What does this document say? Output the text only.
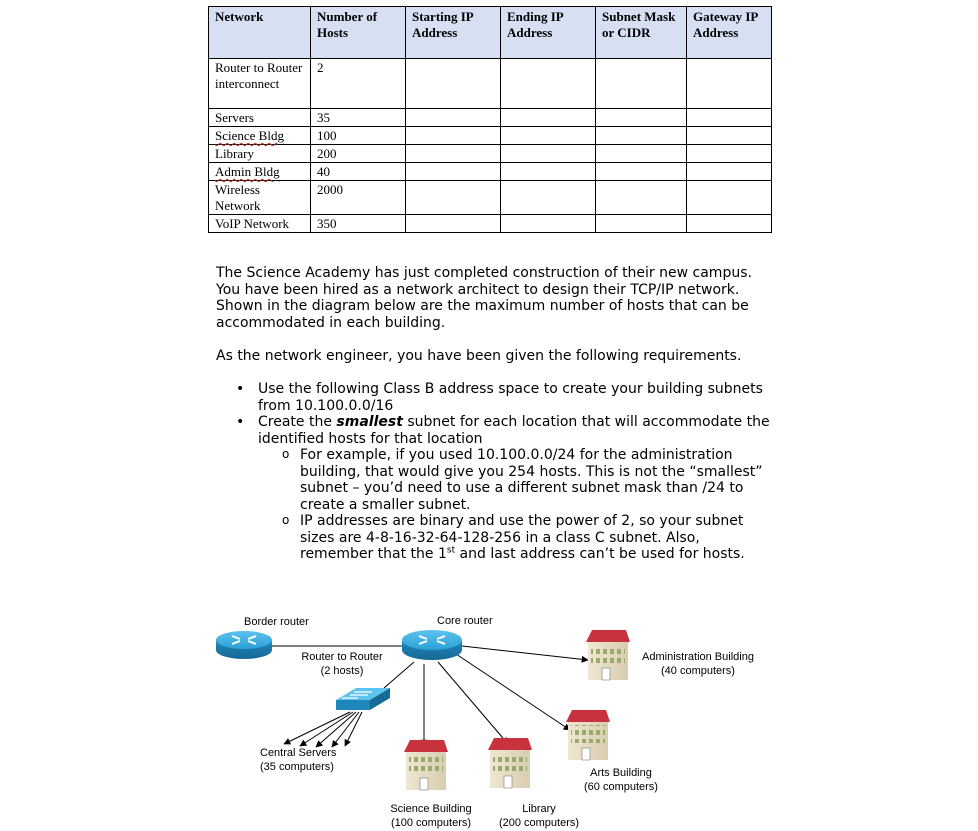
Network	Number of Hosts	Starting IP Address	Ending IP Address	Subnet Mask or CIDR	Gateway IP Address
Router to Router interconnect	2				
Servers	35				
Science Bldg	100				
Library	200				
Admin Bldg	40				
Wireless Network	2000				
VoIP Network	350				

The Science Academy has just completed construction of their new campus. You have been hired as a network architect to design their TCP/IP network. Shown in the diagram below are the maximum number of hosts that can be accommodated in each building.

As the network engineer, you have been given the following requirements.

• Use the following Class B address space to create your building subnets from 10.100.0.0/16
• Create the smallest subnet for each location that will accommodate the identified hosts for that location
o For example, if you used 10.100.0.0/24 for the administration building, that would give you 254 hosts. This is not the “smallest” subnet – you’d need to use a different subnet mask than /24 to create a smaller subnet.
o IP addresses are binary and use the power of 2, so your subnet sizes are 4-8-16-32-64-128-256 in a class C subnet. Also, remember that the 1st and last address can’t be used for hosts.
Border router	Core router
Router to Router
(2 hosts)
Central Servers
(35 computers)
Administration Building
(40 computers)
Arts Building
(60 computers)
Science Building
(100 computers)
Library
(200 computers)
